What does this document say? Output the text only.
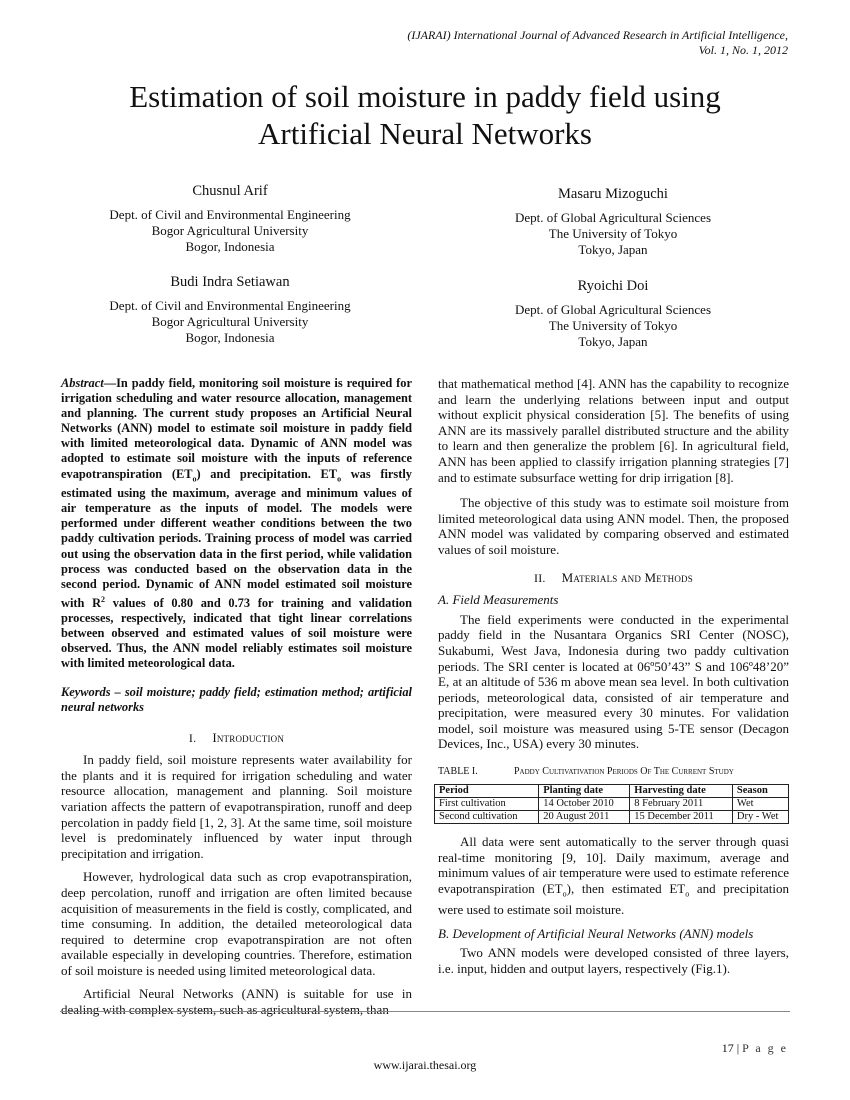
(IJARAI) International Journal of Advanced Research in Artificial Intelligence,
Vol. 1, No. 1, 2012
Estimation of soil moisture in paddy field using
Artificial Neural Networks
Chusnul Arif
Dept. of Civil and Environmental Engineering
Bogor Agricultural University
Bogor, Indonesia
Masaru Mizoguchi
Dept. of Global Agricultural Sciences
The University of Tokyo
Tokyo, Japan
Budi Indra Setiawan
Dept. of Civil and Environmental Engineering
Bogor Agricultural University
Bogor, Indonesia
Ryoichi Doi
Dept. of Global Agricultural Sciences
The University of Tokyo
Tokyo, Japan

Abstract—In paddy field, monitoring soil moisture is required for irrigation scheduling and water resource allocation, management and planning. The current study proposes an Artificial Neural Networks (ANN) model to estimate soil moisture in paddy field with limited meteorological data. Dynamic of ANN model was adopted to estimate soil moisture with the inputs of reference evapotranspiration $(ET_o)$ and precipitation. $ET_o$ was firstly estimated using the maximum, average and minimum values of air temperature as the inputs of model. The models were performed under different weather conditions between the two paddy cultivation periods. Training process of model was carried out using the observation data in the first period, while validation process was conducted based on the observation data in the second period. Dynamic of ANN model estimated soil moisture with $R^2$ values of 0.80 and 0.73 for training and validation processes, respectively, indicated that tight linear correlations between observed and estimated values of soil moisture were observed. Thus, the ANN model reliably estimates soil moisture with limited meteorological data.

Keywords – soil moisture; paddy field; estimation method; artificial neural networks

I. Introduction

In paddy field, soil moisture represents water availability for the plants and it is required for irrigation scheduling and water resource allocation, management and planning. Soil moisture variation affects the pattern of evapotranspiration, runoff and deep percolation in paddy field [1, 2, 3]. At the same time, soil moisture level is predominately influenced by water input through precipitation and irrigation.

However, hydrological data such as crop evapotranspiration, deep percolation, runoff and irrigation are often limited because acquisition of measurements in the field is costly, complicated, and time consuming. In addition, the detailed meteorological data required to determine crop evapotranspiration are not often available especially in developing countries. Therefore, estimation of soil moisture is needed using limited meteorological data.

Artificial Neural Networks (ANN) is suitable for use in dealing with complex system, such as agricultural system, than

that mathematical method [4]. ANN has the capability to recognize and learn the underlying relations between input and output without explicit physical consideration [5]. The benefits of using ANN are its massively parallel distributed structure and the ability to learn and then generalize the problem [6]. In agricultural field, ANN has been applied to classify irrigation planning strategies [7] and to estimate subsurface wetting for drip irrigation [8].

The objective of this study was to estimate soil moisture from limited meteorological data using ANN model. Then, the proposed ANN model was validated by comparing observed and estimated values of soil moisture.

II. Materials and Methods
A. Field Measurements

The field experiments were conducted in the experimental paddy field in the Nusantara Organics SRI Center (NOSC), Sukabumi, West Java, Indonesia during two paddy cultivation periods. The SRI center is located at 06º50’43” S and 106º48’20” E, at an altitude of 536 m above mean sea level. In both cultivation periods, meteorological data, consisted of air temperature and precipitation, were measured every 30 minutes. For validation model, soil moisture was measured using 5-TE sensor (Decagon Devices, Inc., USA) every 30 minutes.

TABLE I.	Paddy Cultivativation Periods Of The Current Study
Period	Planting date	Harvesting date	Season
First cultivation	14 October 2010	8 February 2011	Wet
Second cultivation	20 August 2011	15 December 2011	Dry - Wet

All data were sent automatically to the server through quasi real-time monitoring [9, 10]. Daily maximum, average and minimum values of air temperature were used to estimate reference evapotranspiration $(ET_o)$, then estimated $ET_o$ and precipitation were used to estimate soil moisture.

B. Development of Artificial Neural Networks (ANN) models

Two ANN models were developed consisted of three layers, i.e. input, hidden and output layers, respectively (Fig.1).

17 | P a g e
www.ijarai.thesai.org
